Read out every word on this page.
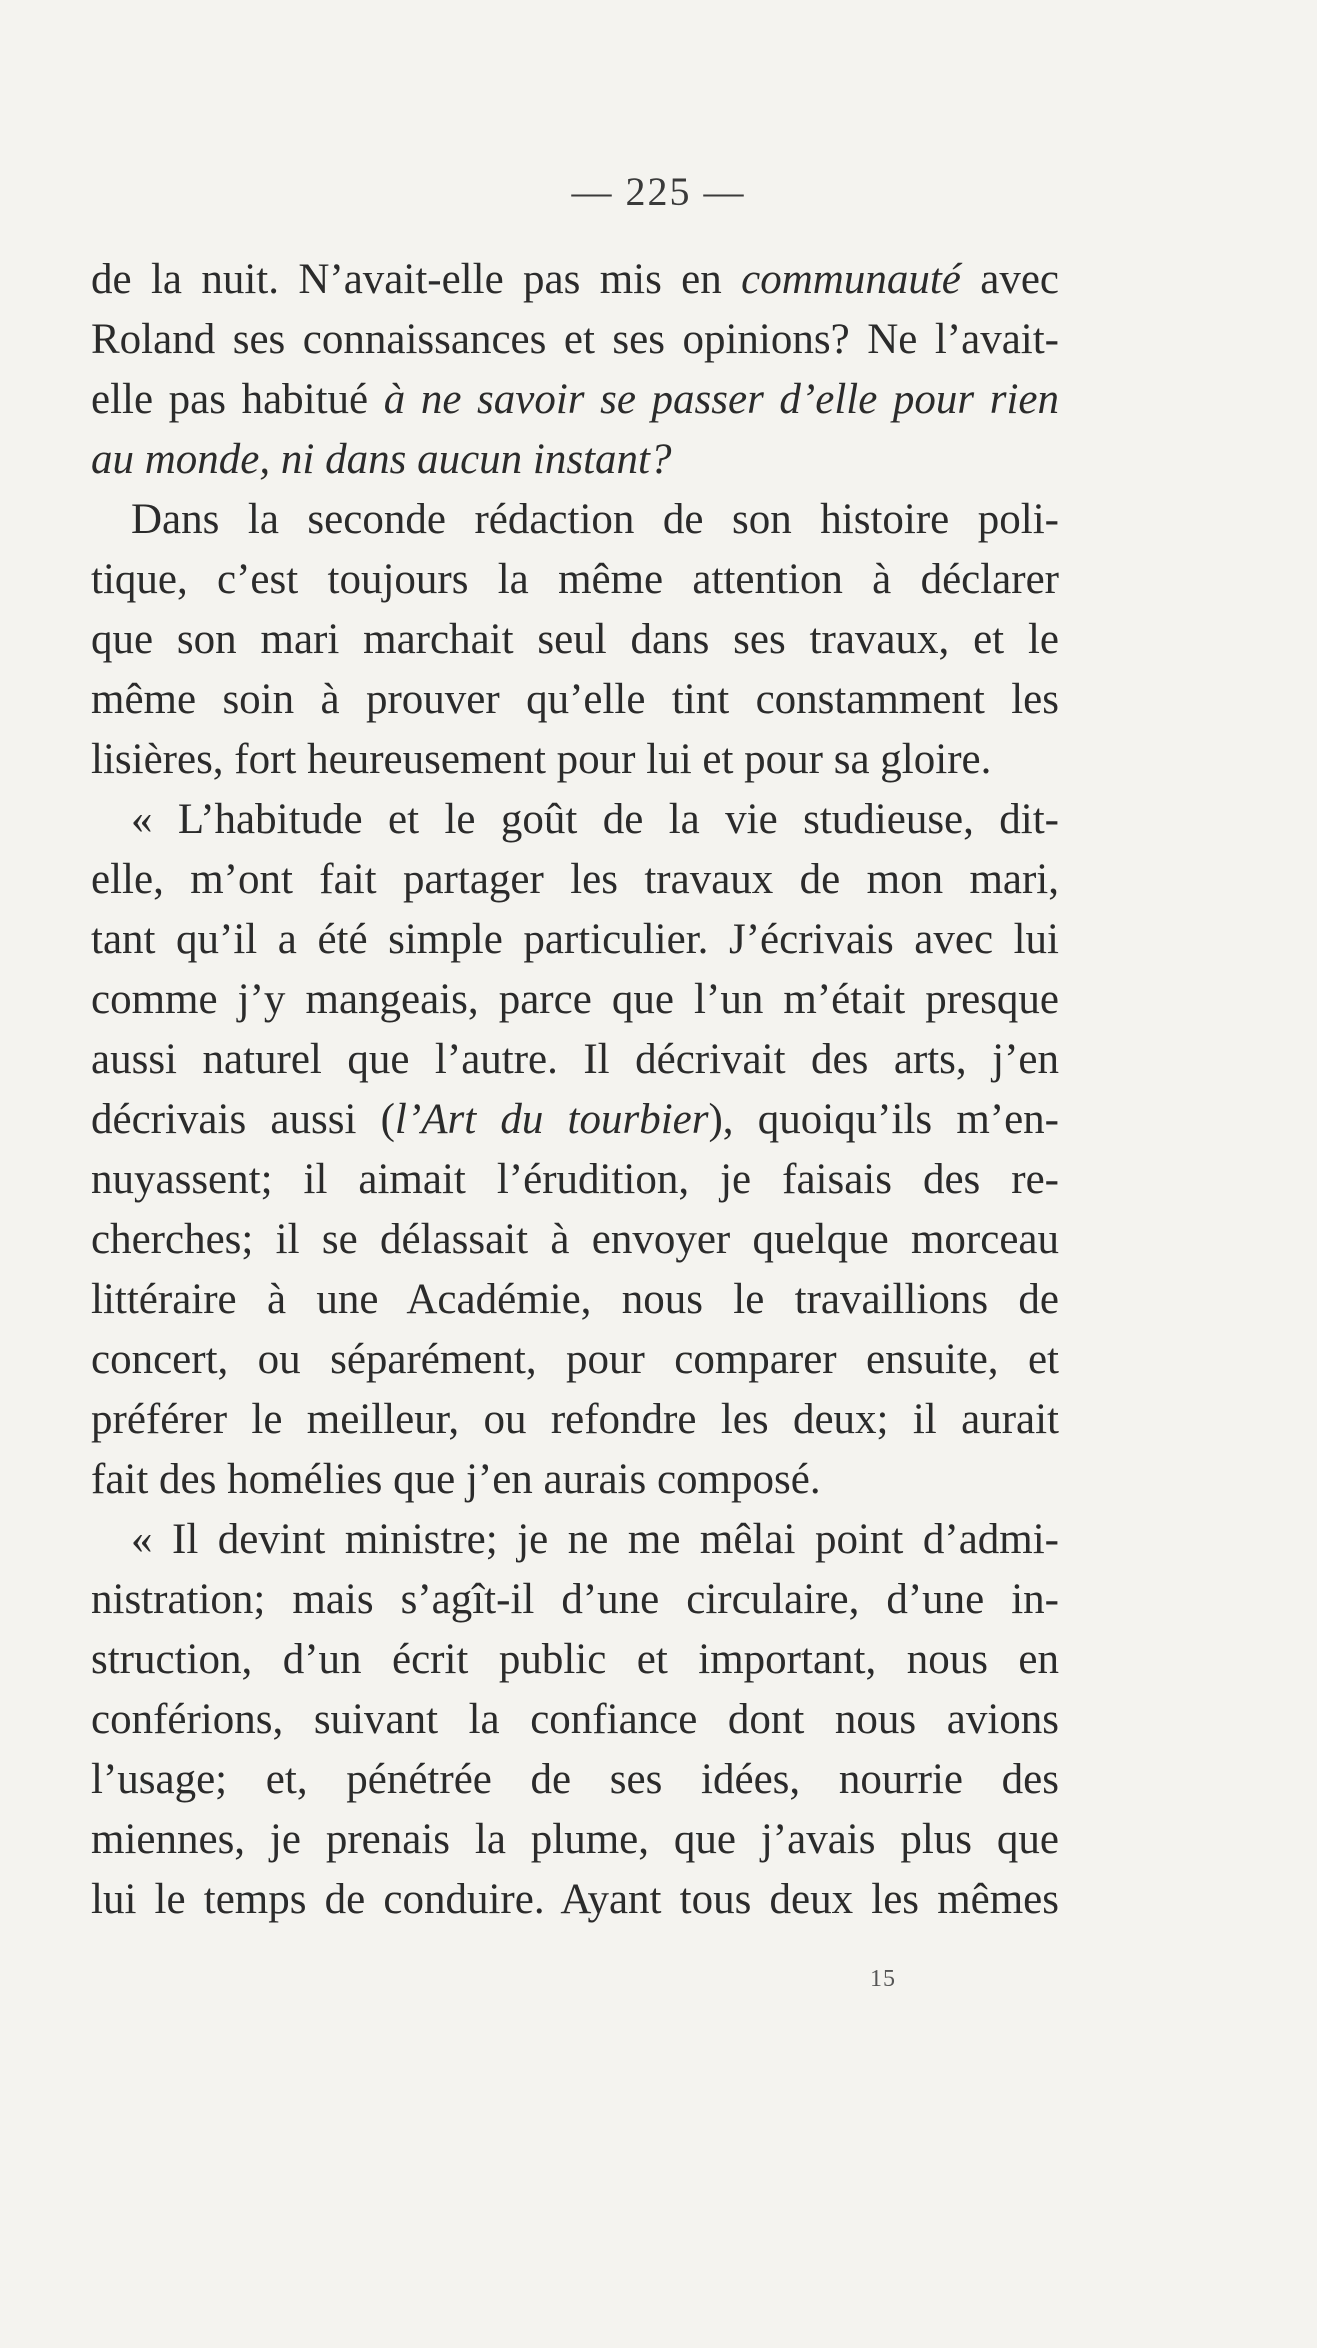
— 225 —
de la nuit. N’avait-elle pas mis en communauté avec
Roland ses connaissances et ses opinions? Ne l’avait-
elle pas habitué à ne savoir se passer d’elle pour rien
au monde, ni dans aucun instant?
Dans la seconde rédaction de son histoire poli-
tique, c’est toujours la même attention à déclarer
que son mari marchait seul dans ses travaux, et le
même soin à prouver qu’elle tint constamment les
lisières, fort heureusement pour lui et pour sa gloire.
« L’habitude et le goût de la vie studieuse, dit-
elle, m’ont fait partager les travaux de mon mari,
tant qu’il a été simple particulier. J’écrivais avec lui
comme j’y mangeais, parce que l’un m’était presque
aussi naturel que l’autre. Il décrivait des arts, j’en
décrivais aussi (l’Art du tourbier), quoiqu’ils m’en-
nuyassent; il aimait l’érudition, je faisais des re-
cherches; il se délassait à envoyer quelque morceau
littéraire à une Académie, nous le travaillions de
concert, ou séparément, pour comparer ensuite, et
préférer le meilleur, ou refondre les deux; il aurait
fait des homélies que j’en aurais composé.
« Il devint ministre; je ne me mêlai point d’admi-
nistration; mais s’agît-il d’une circulaire, d’une in-
struction, d’un écrit public et important, nous en
conférions, suivant la confiance dont nous avions
l’usage; et, pénétrée de ses idées, nourrie des
miennes, je prenais la plume, que j’avais plus que
lui le temps de conduire. Ayant tous deux les mêmes
15
